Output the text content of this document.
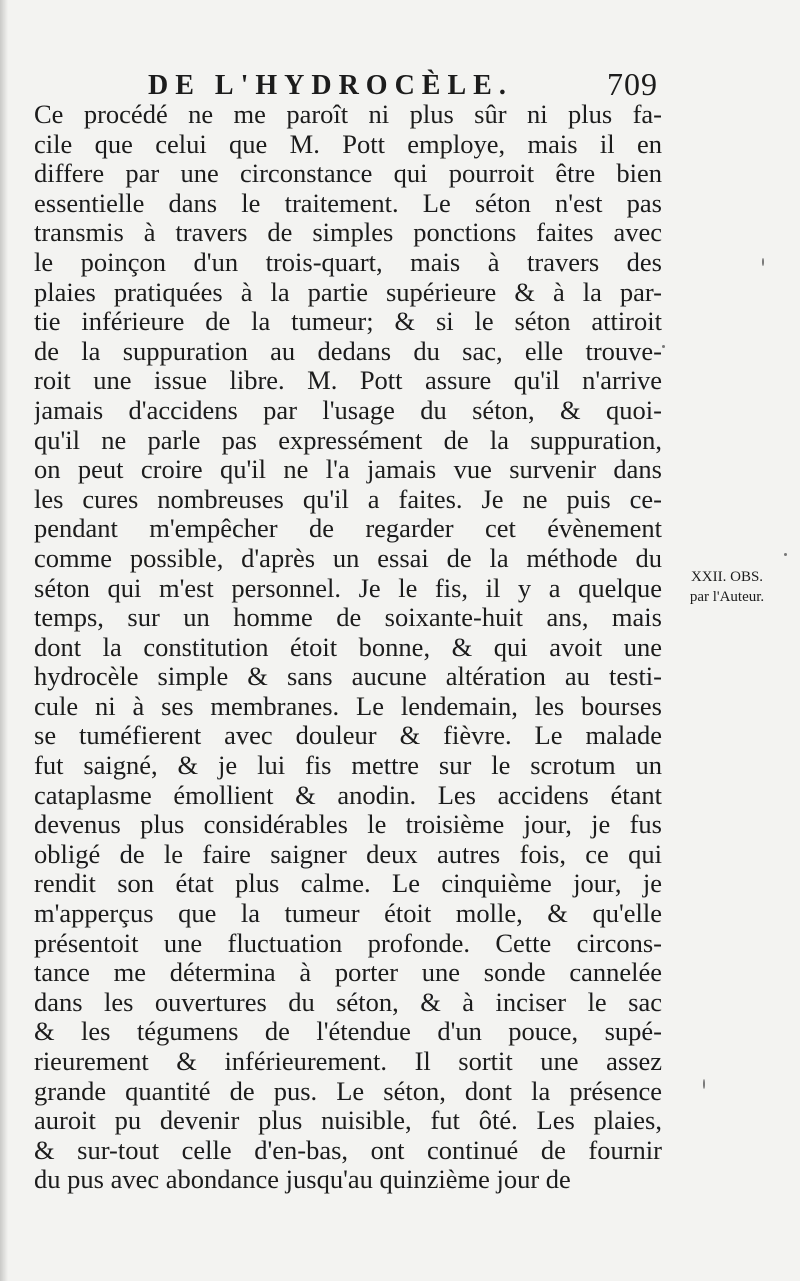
DE L'HYDROCÈLE.	709
Ce procédé ne me paroît ni plus sûr ni plus fa-
cile que celui que M. Pott employe, mais il en
differe par une circonstance qui pourroit être bien
essentielle dans le traitement. Le séton n'est pas
transmis à travers de simples ponctions faites avec
le poinçon d'un trois-quart, mais à travers des
plaies pratiquées à la partie supérieure & à la par-
tie inférieure de la tumeur; & si le séton attiroit
de la suppuration au dedans du sac, elle trouve-
roit une issue libre. M. Pott assure qu'il n'arrive
jamais d'accidens par l'usage du séton, & quoi-
qu'il ne parle pas expressément de la suppuration,
on peut croire qu'il ne l'a jamais vue survenir dans
les cures nombreuses qu'il a faites. Je ne puis ce-
pendant m'empêcher de regarder cet évènement
comme possible, d'après un essai de la méthode du
séton qui m'est personnel. Je le fis, il y a quelque
temps, sur un homme de soixante-huit ans, mais
dont la constitution étoit bonne, & qui avoit une
hydrocèle simple & sans aucune altération au testi-
cule ni à ses membranes. Le lendemain, les bourses
se tuméfierent avec douleur & fièvre. Le malade
fut saigné, & je lui fis mettre sur le scrotum un
cataplasme émollient & anodin. Les accidens étant
devenus plus considérables le troisième jour, je fus
obligé de le faire saigner deux autres fois, ce qui
rendit son état plus calme. Le cinquième jour, je
m'apperçus que la tumeur étoit molle, & qu'elle
présentoit une fluctuation profonde. Cette circons-
tance me détermina à porter une sonde cannelée
dans les ouvertures du séton, & à inciser le sac
& les tégumens de l'étendue d'un pouce, supé-
rieurement & inférieurement. Il sortit une assez
grande quantité de pus. Le séton, dont la présence
auroit pu devenir plus nuisible, fut ôté. Les plaies,
& sur-tout celle d'en-bas, ont continué de fournir
du pus avec abondance jusqu'au quinzième jour de
XXII. OBS.
par l'Auteur.
